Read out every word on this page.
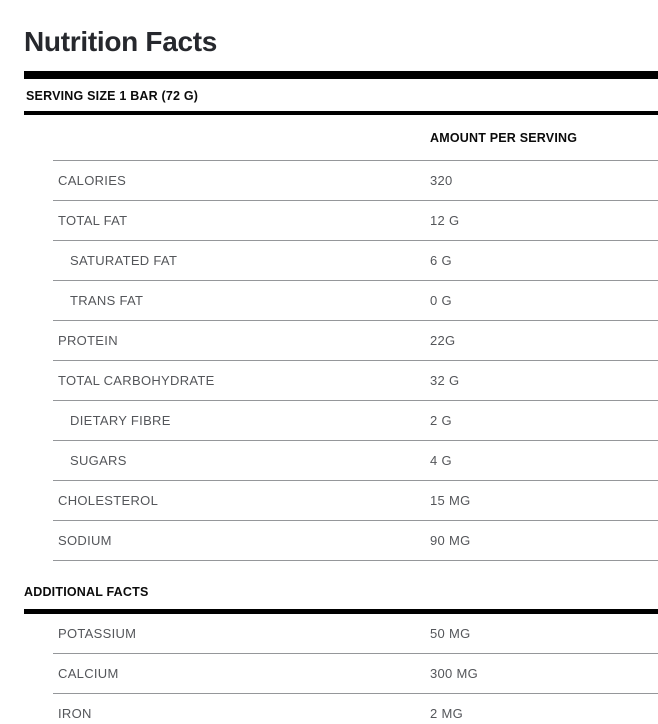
Nutrition Facts
SERVING SIZE 1 BAR (72 G)
AMOUNT PER SERVING
CALORIES	320
TOTAL FAT	12 G
SATURATED FAT	6 G
TRANS FAT	0 G
PROTEIN	22G
TOTAL CARBOHYDRATE	32 G
DIETARY FIBRE	2 G
SUGARS	4 G
CHOLESTEROL	15 MG
SODIUM	90 MG
ADDITIONAL FACTS
POTASSIUM	50 MG
CALCIUM	300 MG
IRON	2 MG
